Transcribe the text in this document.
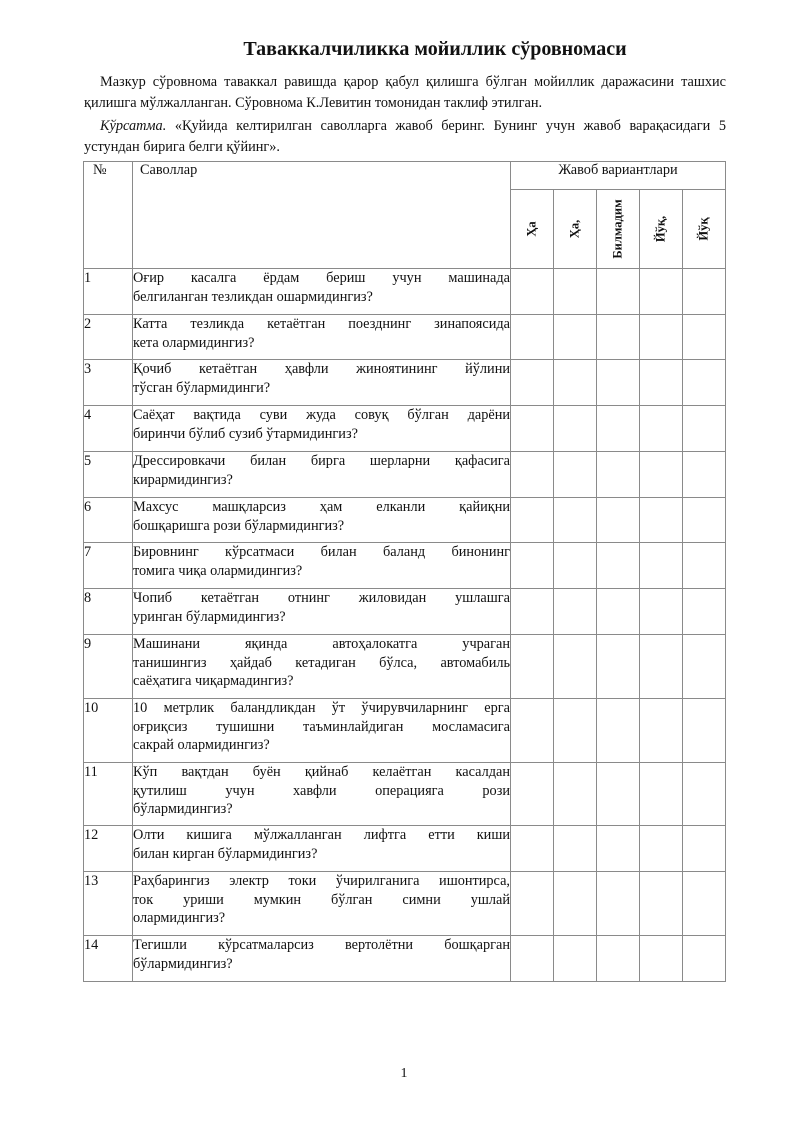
Таваккалчиликка мойиллик сўровномаси

Мазкур сўровнома таваккал равишда қарор қабул қилишга бўлган мойиллик даражасини ташхис қилишга мўлжалланган. Сўровнома К.Левитин томонидан таклиф этилган.

Кўрсатма. «Қуйида келтирилган саволларга жавоб беринг. Бунинг учун жавоб варақасидаги 5 устундан бирига белги қўйинг».

№	Саволлар	Жавоб вариантлари				

		Ҳа	Ҳа,	Билмадим	Йўқ,	Йўқ

1	Оғир касалга ёрдам бериш учун машинада
белгиланган тезликдан ошармидингиз?					

2	Катта тезликда кетаётган поезднинг зинапоясида
кета олармидингиз?					

3	Қочиб кетаётган ҳавфли жиноятининг йўлини
тўсган бўлармидинги?					

4	Саёҳат вақтида суви жуда совуқ бўлган дарёни
биринчи бўлиб сузиб ўтармидингиз?					

5	Дрессировкачи билан бирга шерларни қафасига
кирармидингиз?					

6	Махсус машқларсиз ҳам елканли қайиқни
бошқаришга рози бўлармидингиз?					

7	Бировнинг кўрсатмаси билан баланд бинонинг
томига чиқа олармидингиз?					

8	Чопиб кетаётган отнинг жиловидан ушлашга
уринган бўлармидингиз?					

9	Машинани яқинда автоҳалокатга учраган
танишингиз ҳайдаб кетадиган бўлса, автомабиль
саёҳатига чиқармадингиз?					

10	10 метрлик баландликдан ўт ўчирувчиларнинг ерга
оғриқсиз тушишни таъминлайдиган мосламасига
сакрай олармидингиз?					

11	Кўп вақтдан буён қийнаб келаётган касалдан
қутилиш учун хавфли операцияга рози
бўлармидингиз?					

12	Олти кишига мўлжалланган лифтга етти киши
билан кирган бўлармидингиз?					

13	Раҳбарингиз электр токи ўчирилганига ишонтирса,
ток уриши мумкин бўлган симни ушлай
олармидингиз?					

14	Тегишли кўрсатмаларсиз вертолётни бошқарган
бўлармидингиз?					

1
